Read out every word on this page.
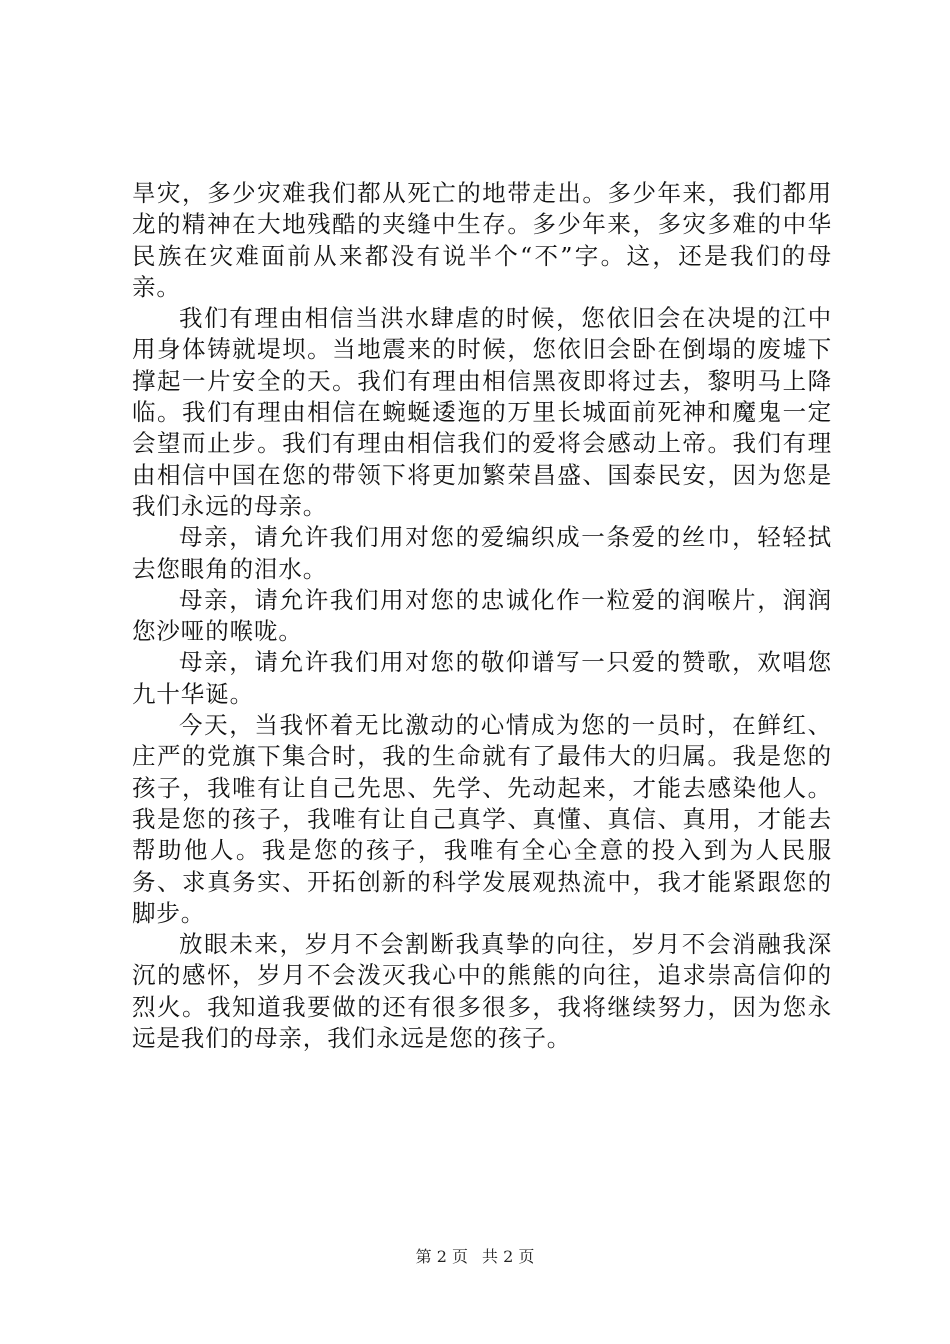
旱灾，多少灾难我们都从死亡的地带走出。多少年来，我们都用龙的精神在大地残酷的夹缝中生存。多少年来，多灾多难的中华民族在灾难面前从来都没有说半个“不”字。这，还是我们的母亲。

我们有理由相信当洪水肆虐的时候，您依旧会在决堤的江中用身体铸就堤坝。当地震来的时候，您依旧会卧在倒塌的废墟下撑起一片安全的天。我们有理由相信黑夜即将过去，黎明马上降临。我们有理由相信在蜿蜒逶迤的万里长城面前死神和魔鬼一定会望而止步。我们有理由相信我们的爱将会感动上帝。我们有理由相信中国在您的带领下将更加繁荣昌盛、国泰民安，因为您是我们永远的母亲。

母亲，请允许我们用对您的爱编织成一条爱的丝巾，轻轻拭去您眼角的泪水。

母亲，请允许我们用对您的忠诚化作一粒爱的润喉片，润润您沙哑的喉咙。

母亲，请允许我们用对您的敬仰谱写一只爱的赞歌，欢唱您九十华诞。

今天，当我怀着无比激动的心情成为您的一员时，在鲜红、庄严的党旗下集合时，我的生命就有了最伟大的归属。我是您的孩子，我唯有让自己先思、先学、先动起来，才能去感染他人。我是您的孩子，我唯有让自己真学、真懂、真信、真用，才能去帮助他人。我是您的孩子，我唯有全心全意的投入到为人民服务、求真务实、开拓创新的科学发展观热流中，我才能紧跟您的脚步。

放眼未来，岁月不会割断我真挚的向往，岁月不会消融我深沉的感怀，岁月不会泼灭我心中的熊熊的向往，追求崇高信仰的烈火。我知道我要做的还有很多很多，我将继续努力，因为您永远是我们的母亲，我们永远是您的孩子。

第 2 页 共 2 页
